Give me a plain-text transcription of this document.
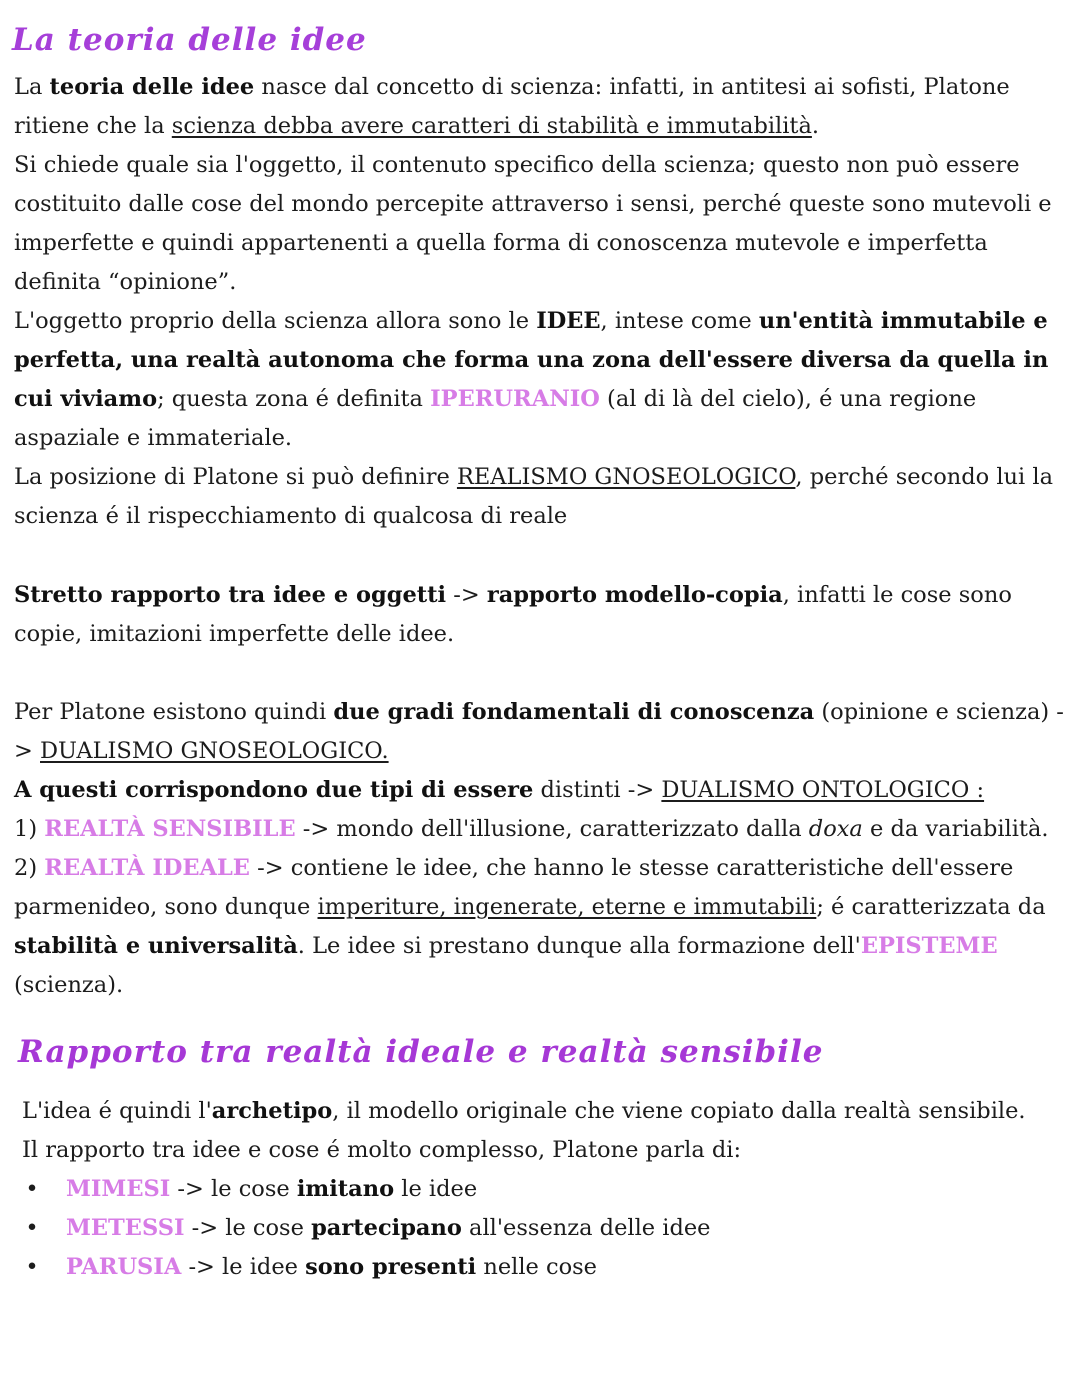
La teoria delle idee

La teoria delle idee nasce dal concetto di scienza: infatti, in antitesi ai sofisti, Platone ritiene che la scienza debba avere caratteri di stabilità e immutabilità.
Si chiede quale sia l'oggetto, il contenuto specifico della scienza; questo non può essere costituito dalle cose del mondo percepite attraverso i sensi, perché queste sono mutevoli e imperfette e quindi appartenenti a quella forma di conoscenza mutevole e imperfetta definita “opinione”.
L'oggetto proprio della scienza allora sono le IDEE, intese come un'entità immutabile e perfetta, una realtà autonoma che forma una zona dell'essere diversa da quella in cui viviamo; questa zona é definita IPERURANIO (al di là del cielo), é una regione aspaziale e immateriale.
La posizione di Platone si può definire REALISMO GNOSEOLOGICO, perché secondo lui la scienza é il rispecchiamento di qualcosa di reale

Stretto rapporto tra idee e oggetti -> rapporto modello-copia, infatti le cose sono copie, imitazioni imperfette delle idee.

Per Platone esistono quindi due gradi fondamentali di conoscenza (opinione e scienza) -> DUALISMO GNOSEOLOGICO.
A questi corrispondono due tipi di essere distinti -> DUALISMO ONTOLOGICO :
1) REALTÀ SENSIBILE -> mondo dell'illusione, caratterizzato dalla doxa e da variabilità.
2) REALTÀ IDEALE -> contiene le idee, che hanno le stesse caratteristiche dell'essere parmenideo, sono dunque imperiture, ingenerate, eterne e immutabili; é caratterizzata da stabilità e universalità. Le idee si prestano dunque alla formazione dell'EPISTEME (scienza).

Rapporto tra realtà ideale e realtà sensibile

L'idea é quindi l'archetipo, il modello originale che viene copiato dalla realtà sensibile.
Il rapporto tra idee e cose é molto complesso, Platone parla di:

• MIMESI -> le cose imitano le idee
• METESSI -> le cose partecipano all'essenza delle idee
• PARUSIA -> le idee sono presenti nelle cose
